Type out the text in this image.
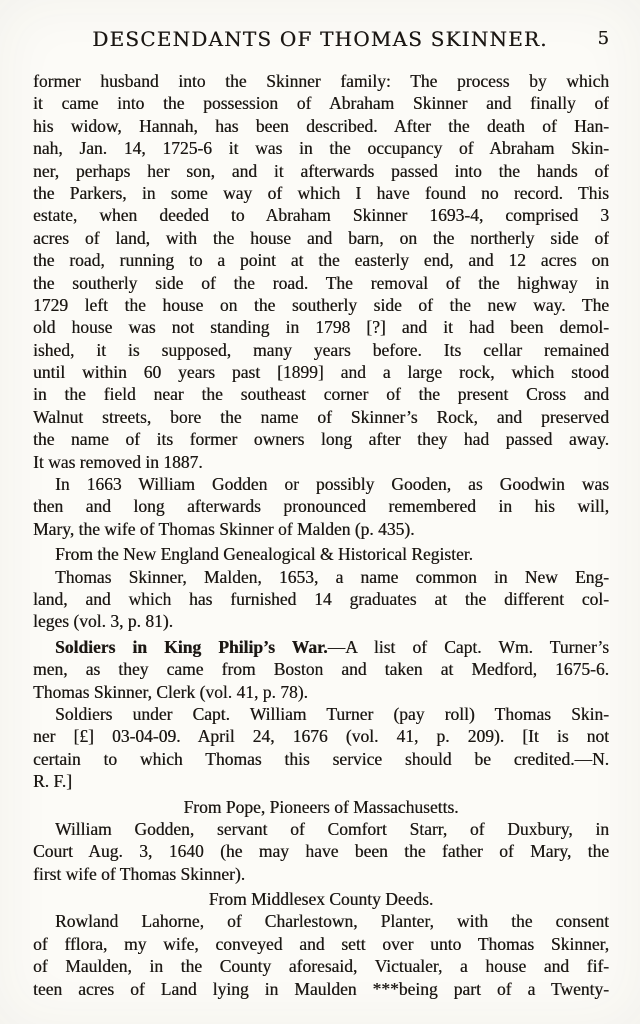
DESCENDANTS OF THOMAS SKINNER.	5
former husband into the Skinner family: The process by which
it came into the possession of Abraham Skinner and finally of
his widow, Hannah, has been described. After the death of Han-
nah, Jan. 14, 1725-6 it was in the occupancy of Abraham Skin-
ner, perhaps her son, and it afterwards passed into the hands of
the Parkers, in some way of which I have found no record. This
estate, when deeded to Abraham Skinner 1693-4, comprised 3
acres of land, with the house and barn, on the northerly side of
the road, running to a point at the easterly end, and 12 acres on
the southerly side of the road. The removal of the highway in
1729 left the house on the southerly side of the new way. The
old house was not standing in 1798 [?] and it had been demol-
ished, it is supposed, many years before. Its cellar remained
until within 60 years past [1899] and a large rock, which stood
in the field near the southeast corner of the present Cross and
Walnut streets, bore the name of Skinner’s Rock, and preserved
the name of its former owners long after they had passed away.
It was removed in 1887.
In 1663 William Godden or possibly Gooden, as Goodwin was
then and long afterwards pronounced remembered in his will,
Mary, the wife of Thomas Skinner of Malden (p. 435).
From the New England Genealogical & Historical Register.
Thomas Skinner, Malden, 1653, a name common in New Eng-
land, and which has furnished 14 graduates at the different col-
leges (vol. 3, p. 81).
Soldiers in King Philip’s War.—A list of Capt. Wm. Turner’s
men, as they came from Boston and taken at Medford, 1675-6.
Thomas Skinner, Clerk (vol. 41, p. 78).
Soldiers under Capt. William Turner (pay roll) Thomas Skin-
ner [£] 03-04-09. April 24, 1676 (vol. 41, p. 209). [It is not
certain to which Thomas this service should be credited.—N.
R. F.]
From Pope, Pioneers of Massachusetts.
William Godden, servant of Comfort Starr, of Duxbury, in
Court Aug. 3, 1640 (he may have been the father of Mary, the
first wife of Thomas Skinner).
From Middlesex County Deeds.
Rowland Lahorne, of Charlestown, Planter, with the consent
of fflora, my wife, conveyed and sett over unto Thomas Skinner,
of Maulden, in the County aforesaid, Victualer, a house and fif-
teen acres of Land lying in Maulden ***being part of a Twenty-
